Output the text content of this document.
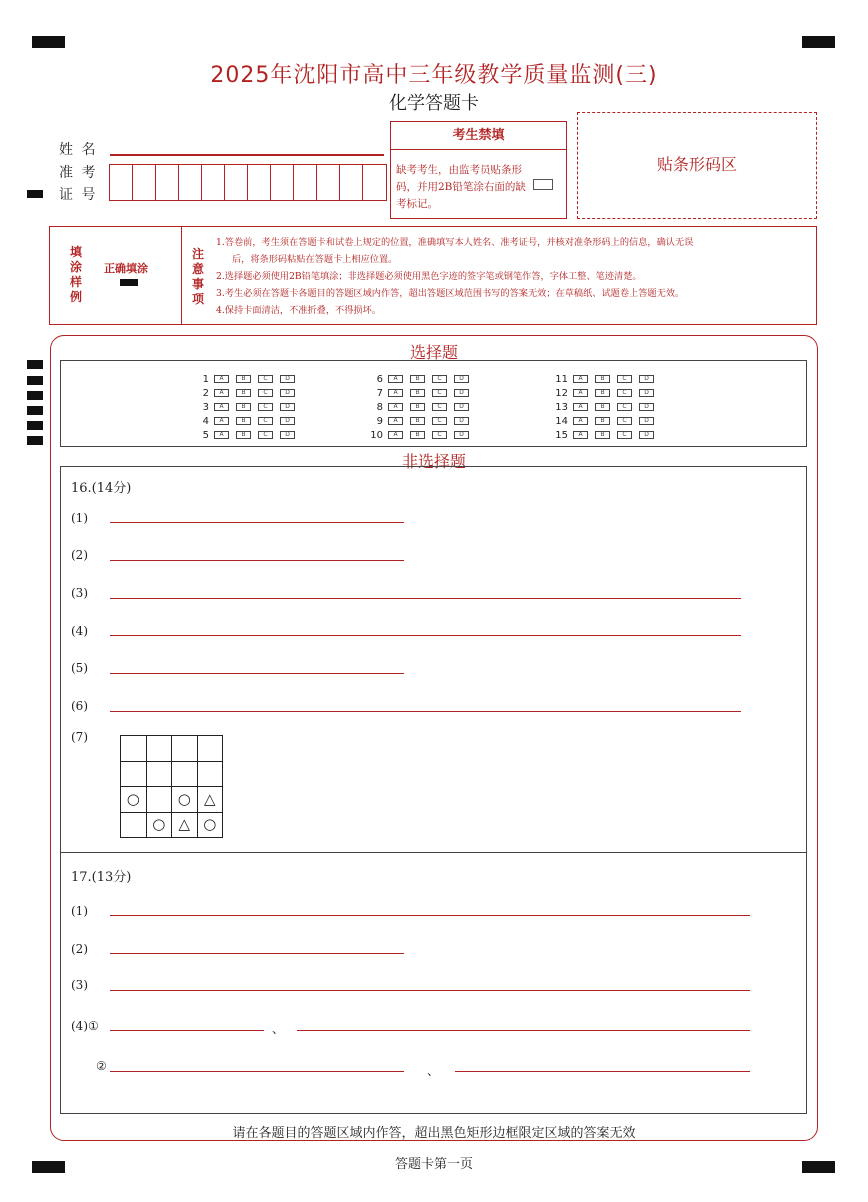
2025年沈阳市高中三年级教学质量监测(三)
化学答题卡
姓 名
准 考
证 号
考生禁填
缺考考生，由监考员贴条形码，并用2B铅笔涂右面的缺考标记。
贴条形码区
填涂样例
正确填涂
注意事项
1.答卷前，考生须在答题卡和试卷上规定的位置，准确填写本人姓名、准考证号，并核对准条形码上的信息，确认无误
后，将条形码粘贴在答题卡上相应位置。
2.选择题必须使用2B铅笔填涂；非选择题必须使用黑色字迹的签字笔或钢笔作答，字体工整、笔迹清楚。
3.考生必须在答题卡各题目的答题区域内作答，超出答题区域范围书写的答案无效；在草稿纸、试题卷上答题无效。
4.保持卡面清洁，不准折叠，不得损坏。
选择题
1	A	B	C	D
2	A	B	C	D
3	A	B	C	D
4	A	B	C	D
5	A	B	C	D
6	A	B	C	D
7	A	B	C	D
8	A	B	C	D
9	A	B	C	D
10	A	B	C	D
11	A	B	C	D
12	A	B	C	D
13	A	B	C	D
14	A	B	C	D
15	A	B	C	D
非选择题
16.(14分)
(1)
(2)
(3)
(4)
(5)
(6)
(7)

○		○	△
	○	△	○
17.(13分)
(1)
(2)
(3)
(4)①	、
②	、
请在各题目的答题区域内作答，超出黑色矩形边框限定区域的答案无效
答题卡第一页
